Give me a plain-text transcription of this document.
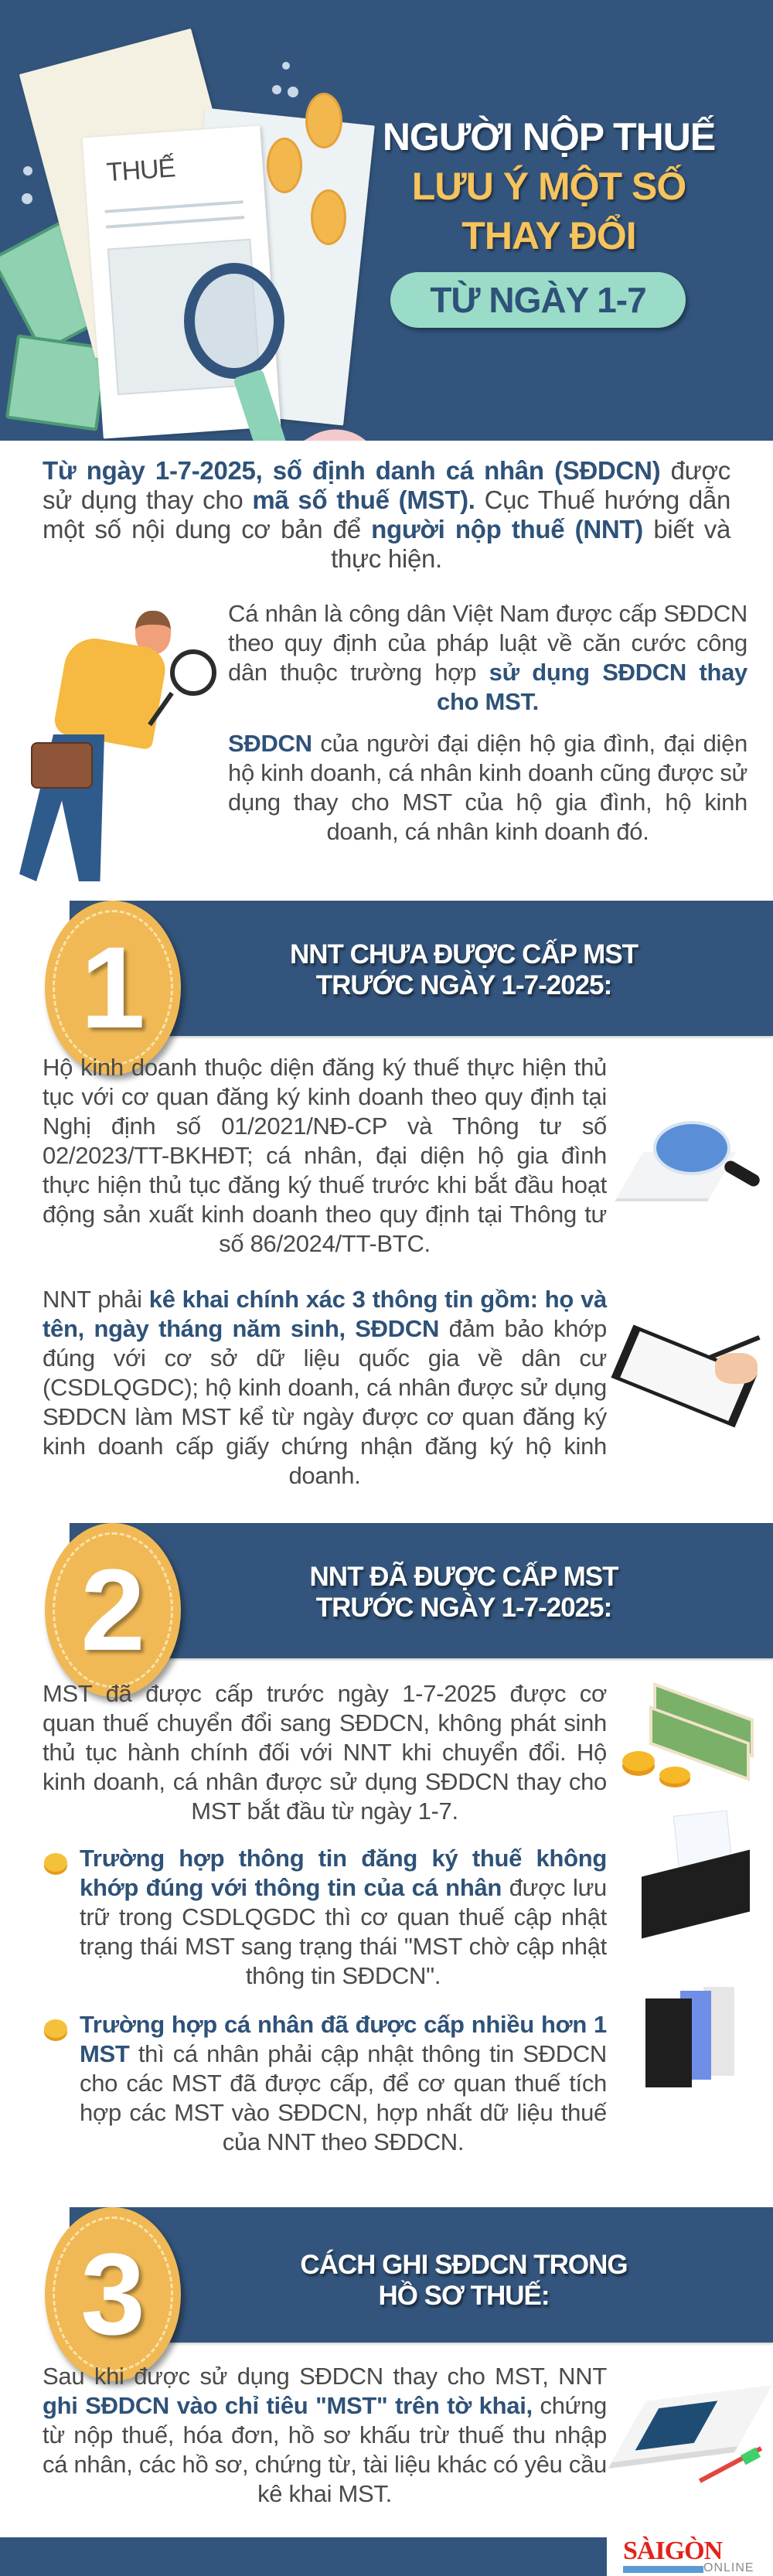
THUẾ
NGƯỜI NỘP THUẾ
LƯU Ý MỘT SỐ
THAY ĐỔI
TỪ NGÀY 1-7
Từ ngày 1-7-2025, số định danh cá nhân (SĐDCN) được sử dụng thay cho mã số thuế (MST). Cục Thuế hướng dẫn một số nội dung cơ bản để người nộp thuế (NNT) biết và thực hiện.
Cá nhân là công dân Việt Nam được cấp SĐDCN theo quy định của pháp luật về căn cước công dân thuộc trường hợp sử dụng SĐDCN thay cho MST.
SĐDCN của người đại diện hộ gia đình, đại diện hộ kinh doanh, cá nhân kinh doanh cũng được sử dụng thay cho MST của hộ gia đình, hộ kinh doanh, cá nhân kinh doanh đó.
NNT CHƯA ĐƯỢC CẤP MST
TRƯỚC NGÀY 1-7-2025:
1
Hộ kinh doanh thuộc diện đăng ký thuế thực hiện thủ tục với cơ quan đăng ký kinh doanh theo quy định tại Nghị định số 01/2021/NĐ-CP và Thông tư số 02/2023/TT-BKHĐT; cá nhân, đại diện hộ gia đình thực hiện thủ tục đăng ký thuế trước khi bắt đầu hoạt động sản xuất kinh doanh theo quy định tại Thông tư số 86/2024/TT-BTC.
NNT phải kê khai chính xác 3 thông tin gồm: họ và tên, ngày tháng năm sinh, SĐDCN đảm bảo khớp đúng với cơ sở dữ liệu quốc gia về dân cư (CSDLQGDC); hộ kinh doanh, cá nhân được sử dụng SĐDCN làm MST kể từ ngày được cơ quan đăng ký kinh doanh cấp giấy chứng nhận đăng ký hộ kinh doanh.
NNT ĐÃ ĐƯỢC CẤP MST
TRƯỚC NGÀY 1-7-2025:
2
MST đã được cấp trước ngày 1-7-2025 được cơ quan thuế chuyển đổi sang SĐDCN, không phát sinh thủ tục hành chính đối với NNT khi chuyển đổi. Hộ kinh doanh, cá nhân được sử dụng SĐDCN thay cho MST bắt đầu từ ngày 1-7.
Trường hợp thông tin đăng ký thuế không khớp đúng với thông tin của cá nhân được lưu trữ trong CSDLQGDC thì cơ quan thuế cập nhật trạng thái MST sang trạng thái "MST chờ cập nhật thông tin SĐDCN".
Trường hợp cá nhân đã được cấp nhiều hơn 1 MST thì cá nhân phải cập nhật thông tin SĐDCN cho các MST đã được cấp, để cơ quan thuế tích hợp các MST vào SĐDCN, hợp nhất dữ liệu thuế của NNT theo SĐDCN.
CÁCH GHI SĐDCN TRONG
HỒ SƠ THUẾ:
3
Sau khi được sử dụng SĐDCN thay cho MST, NNT ghi SĐDCN vào chỉ tiêu "MST" trên tờ khai, chứng từ nộp thuế, hóa đơn, hồ sơ khấu trừ thuế thu nhập cá nhân, các hồ sơ, chứng từ, tài liệu khác có yêu cầu kê khai MST.
SÀIGÒN
ONLINE
